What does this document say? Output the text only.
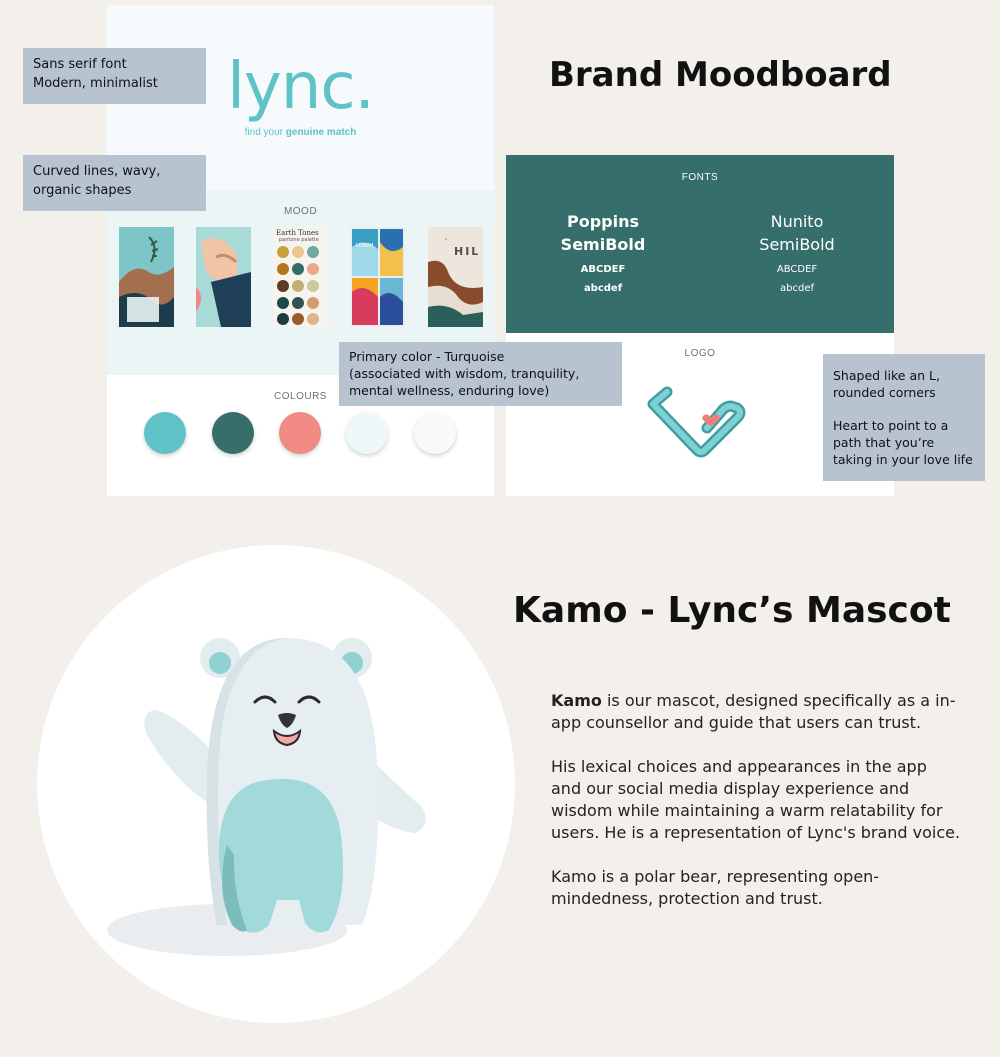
lync.
find your genuine match
MOOD
COLOURS
Earth Tones
pantone palette
LOREM	HIL
FONTS
Poppins
SemiBold
ABCDEF
abcdef
Nunito
SemiBold
ABCDEF
abcdef
LOGO
Brand Moodboard
Sans serif font
Modern, minimalist
Curved lines, wavy,
organic shapes
Primary color - Turquoise
(associated with wisdom, tranquility,
mental wellness, enduring love)
Shaped like an L,
rounded corners
Heart to point to a
path that you’re
taking in your love life
Kamo - Lync’s Mascot

Kamo is our mascot, designed specifically as a in-app counsellor and guide that users can trust.

His lexical choices and appearances in the app and our social media display experience and wisdom while maintaining a warm relatability for users. He is a representation of Lync's brand voice.

Kamo is a polar bear, representing open-mindedness, protection and trust.
